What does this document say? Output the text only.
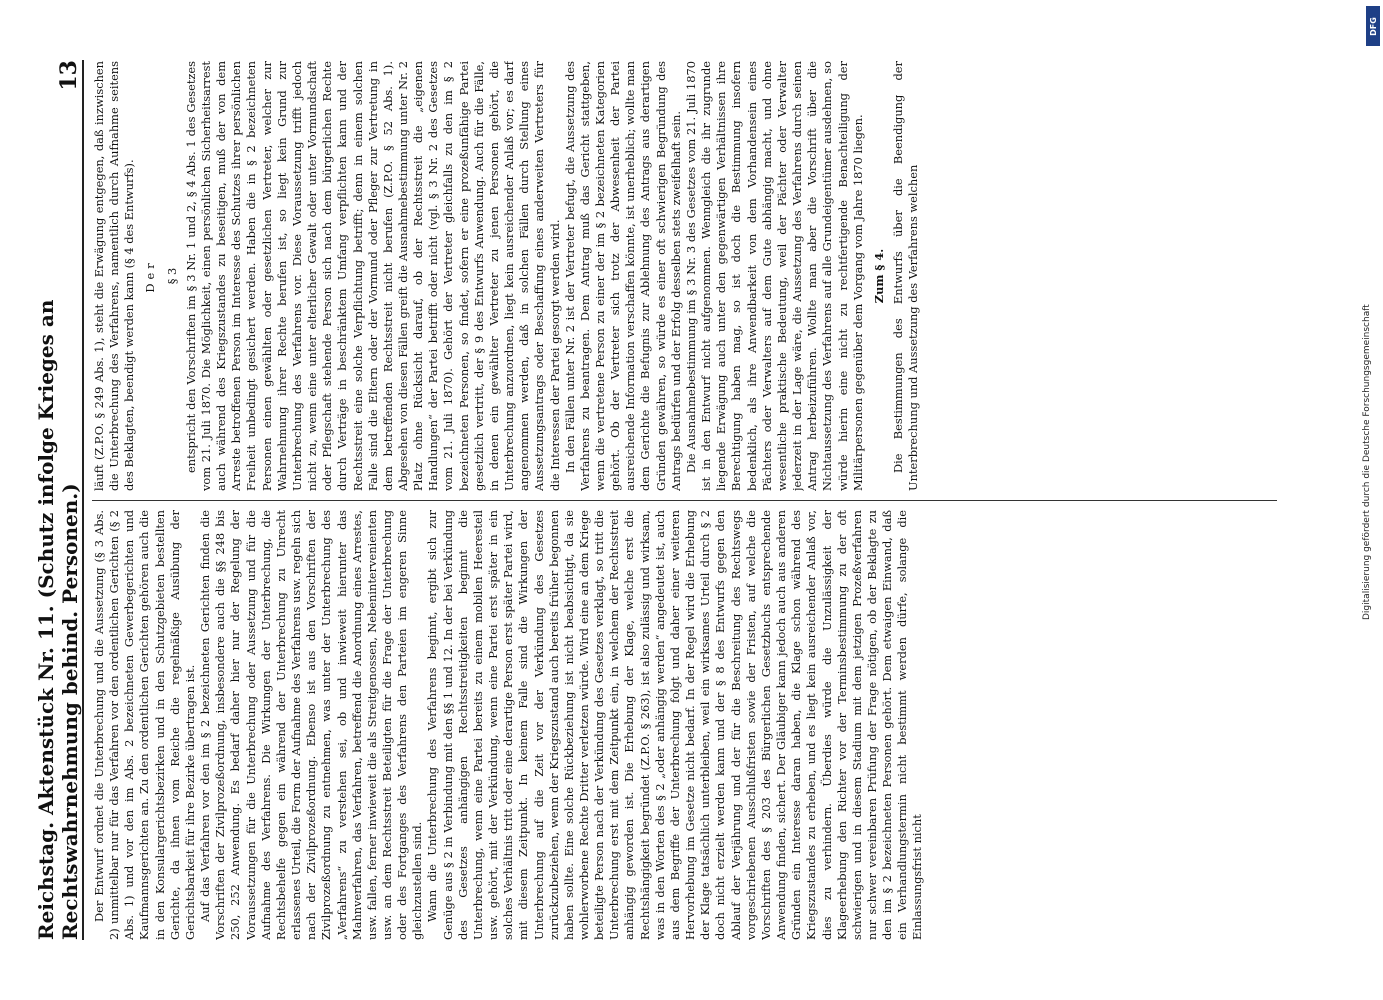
Reichstag. Aktenstück Nr. 11. (Schutz infolge Krieges an Rechtswahrnehmung behind. Personen.)
13

Der Entwurf ordnet die Unterbrechung und die Aussetzung (§ 3 Abs. 2) unmittelbar nur für das Verfahren vor den ordentlichen Gerichten (§ 2 Abs. 1) und vor den im Abs. 2 bezeichneten Gewerbegerichten und Kaufmannsgerichten an. Zu den ordentlichen Gerichten gehören auch die in den Konsulargerichtsbezirken und in den Schutzgebieten bestellten Gerichte, da ihnen vom Reiche die regelmäßige Ausübung der Gerichtsbarkeit für ihre Bezirke übertragen ist. Auf das Verfahren vor den im § 2 bezeichneten Gerichten finden die Vorschriften der Zivilprozeßordnung, insbesondere auch die §§ 248 bis 250, 252 Anwendung. Es bedarf daher hier nur der Regelung der Voraussetzungen für die Unterbrechung oder Aussetzung und für die Aufnahme des Verfahrens. Die Wirkungen der Unterbrechung, die Rechtsbehelfe gegen ein während der Unterbrechung zu Unrecht erlassenes Urteil, die Form der Aufnahme des Verfahrens usw. regeln sich nach der Zivilprozeßordnung. Ebenso ist aus den Vorschriften der Zivilprozeßordnung zu entnehmen, was unter der Unterbrechung des „Verfahrens“ zu verstehen sei, ob und inwieweit hierunter das Mahnverfahren, das Verfahren, betreffend die Anordnung eines Arrestes, usw. fallen, ferner inwieweit die als Streitgenossen, Nebenintervenienten usw. an dem Rechtsstreit Beteiligten für die Frage der Unterbrechung oder des Fortganges des Verfahrens den Parteien im engeren Sinne gleichzustellen sind. Wann die Unterbrechung des Verfahrens beginnt, ergibt sich zur Genüge aus § 2 in Verbindung mit den §§ 1 und 12. In der bei Verkündung des Gesetzes anhängigen Rechtsstreitigkeiten beginnt die Unterbrechung, wenn eine Partei bereits zu einem mobilen Heeresteil usw. gehört, mit der Verkündung, wenn eine Partei erst später in ein solches Verhältnis tritt oder eine derartige Person erst später Partei wird, mit diesem Zeitpunkt. In keinem Falle sind die Wirkungen der Unterbrechung auf die Zeit vor der Verkündung des Gesetzes zurückzubeziehen, wenn der Kriegszustand auch bereits früher begonnen haben sollte. Eine solche Rückbeziehung ist nicht beabsichtigt, da sie wohlerworbene Rechte Dritter verletzen würde. Wird eine an dem Kriege beteiligte Person nach der Verkündung des Gesetzes verklagt, so tritt die Unterbrechung erst mit dem Zeitpunkt ein, in welchem der Rechtsstreit anhängig geworden ist. Die Erhebung der Klage, welche erst die Rechtshängigkeit begründet (Z.P.O. § 263), ist also zulässig und wirksam, was in den Worten des § 2 „oder anhängig werden“ angedeutet ist, auch aus dem Begriffe der Unterbrechung folgt und daher einer weiteren Hervorhebung im Gesetze nicht bedarf. In der Regel wird die Erhebung der Klage tatsächlich unterbleiben, weil ein wirksames Urteil durch § 2 doch nicht erzielt werden kann und der § 8 des Entwurfs gegen den Ablauf der Verjährung und der für die Beschreitung des Rechtswegs vorgeschriebenen Ausschlußfristen sowie der Fristen, auf welche die Vorschriften des § 203 des Bürgerlichen Gesetzbuchs entsprechende Anwendung finden, sichert. Der Gläubiger kann jedoch auch aus anderen Gründen ein Interesse daran haben, die Klage schon während des Kriegszustandes zu erheben, und es liegt kein ausreichender Anlaß vor, dies zu verhindern. Überdies würde die Unzulässigkeit der Klageerhebung den Richter vor der Terminsbestimmung zu der oft schwierigen und in diesem Stadium mit dem jetzigen Prozeßverfahren nur schwer vereinbaren Prüfung der Frage nötigen, ob der Beklagte zu den im § 2 bezeichneten Personen gehört. Dem etwaigen Einwand, daß ein Verhandlungstermin nicht bestimmt werden dürfe, solange die Einlassungsfrist nicht

läuft (Z.P.O. § 249 Abs. 1), steht die Erwägung entgegen, daß inzwischen die Unterbrechung des Verfahrens, namentlich durch Aufnahme seitens des Beklagten, beendigt werden kann (§ 4 des Entwurfs). Der § 3 entspricht den Vorschriften im § 3 Nr. 1 und 2, § 4 Abs. 1 des Gesetzes vom 21. Juli 1870. Die Möglichkeit, einen persönlichen Sicherheitsarrest auch während des Kriegszustandes zu beseitigen, muß der von dem Arreste betroffenen Person im Interesse des Schutzes ihrer persönlichen Freiheit unbedingt gesichert werden. Haben die in § 2 bezeichneten Personen einen gewählten oder gesetzlichen Vertreter, welcher zur Wahrnehmung ihrer Rechte berufen ist, so liegt kein Grund zur Unterbrechung des Verfahrens vor. Diese Voraussetzung trifft jedoch nicht zu, wenn eine unter elterlicher Gewalt oder unter Vormundschaft oder Pflegschaft stehende Person sich nach dem bürgerlichen Rechte durch Verträge in beschränktem Umfang verpflichten kann und der Rechtsstreit eine solche Verpflichtung betrifft; denn in einem solchen Falle sind die Eltern oder der Vormund oder Pfleger zur Vertretung in dem betreffenden Rechtsstreit nicht berufen (Z.P.O. § 52 Abs. 1). Abgesehen von diesen Fällen greift die Ausnahmebestimmung unter Nr. 2 Platz ohne Rücksicht darauf, ob der Rechtsstreit die „eigenen Handlungen“ der Partei betrifft oder nicht (vgl. § 3 Nr. 2 des Gesetzes vom 21. Juli 1870). Gehört der Vertreter gleichfalls zu den im § 2 bezeichneten Personen, so findet, sofern er eine prozeßunfähige Partei gesetzlich vertritt, der § 9 des Entwurfs Anwendung. Auch für die Fälle, in denen ein gewählter Vertreter zu jenen Personen gehört, die Unterbrechung anzuordnen, liegt kein ausreichender Anlaß vor; es darf angenommen werden, daß in solchen Fällen durch Stellung eines Aussetzungsantrags oder Beschaffung eines anderweiten Vertreters für die Interessen der Partei gesorgt werden wird. In den Fällen unter Nr. 2 ist der Vertreter befugt, die Aussetzung des Verfahrens zu beantragen. Dem Antrag muß das Gericht stattgeben, wenn die vertretene Person zu einer der im § 2 bezeichneten Kategorien gehört. Ob der Vertreter sich trotz der Abwesenheit der Partei ausreichende Information verschaffen könnte, ist unerheblich; wollte man dem Gerichte die Befugnis zur Ablehnung des Antrags aus derartigen Gründen gewähren, so würde es einer oft schwierigen Begründung des Antrags bedürfen und der Erfolg desselben stets zweifelhaft sein. Die Ausnahmebestimmung im § 3 Nr. 3 des Gesetzes vom 21. Juli 1870 ist in den Entwurf nicht aufgenommen. Wenngleich die ihr zugrunde liegende Erwägung auch unter den gegenwärtigen Verhältnissen ihre Berechtigung haben mag, so ist doch die Bestimmung insofern bedenklich, als ihre Anwendbarkeit von dem Vorhandensein eines Pächters oder Verwalters auf dem Gute abhängig macht, und ohne wesentliche praktische Bedeutung, weil der Pächter oder Verwalter jederzeit in der Lage wäre, die Aussetzung des Verfahrens durch seinen Antrag herbeizuführen. Wollte man aber die Vorschrift über die Nichtaussetzung des Verfahrens auf alle Grundeigentümer ausdehnen, so würde hierin eine nicht zu rechtfertigende Benachteiligung der Militärpersonen gegenüber dem Vorgang vom Jahre 1870 liegen. Zum § 4. Die Bestimmungen des Entwurfs über die Beendigung der Unterbrechung und Aussetzung des Verfahrens welchen

DFG
Digitalisierung gefördert durch die Deutsche Forschungsgemeinschaft
